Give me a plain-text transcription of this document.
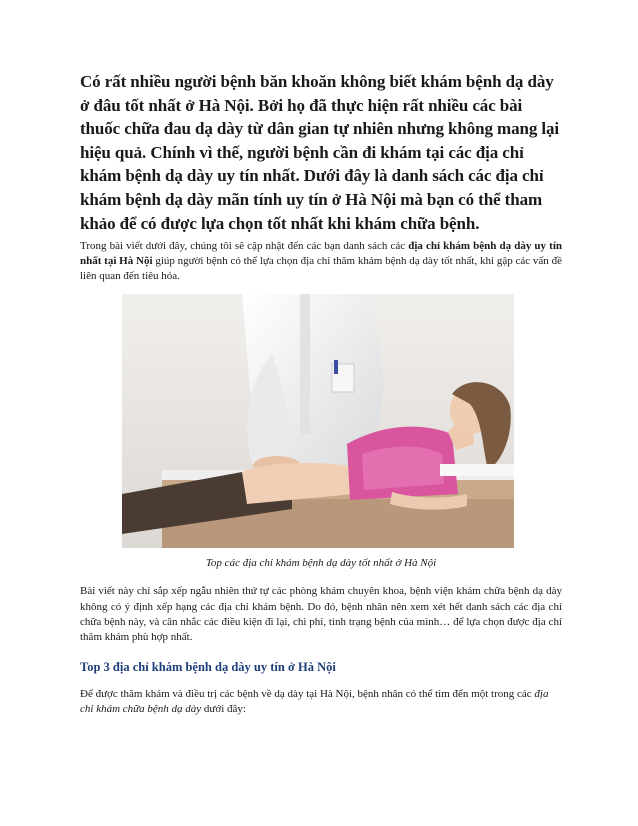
Có rất nhiều người bệnh băn khoăn không biết khám bệnh dạ dày ở đâu tốt nhất ở Hà Nội. Bởi họ đã thực hiện rất nhiều các bài thuốc chữa đau dạ dày từ dân gian tự nhiên nhưng không mang lại hiệu quả. Chính vì thế, người bệnh cần đi khám tại các địa chỉ khám bệnh dạ dày uy tín nhất. Dưới đây là danh sách các địa chỉ khám bệnh dạ dày mãn tính uy tín ở Hà Nội mà bạn có thể tham khảo để có được lựa chọn tốt nhất khi khám chữa bệnh.

Trong bài viết dưới đây, chúng tôi sẽ cập nhật đến các bạn danh sách các địa chỉ khám bệnh dạ dày uy tín nhất tại Hà Nội giúp người bệnh có thể lựa chọn địa chỉ thăm khám bệnh dạ dày tốt nhất, khi gặp các vấn đề liên quan đến tiêu hóa.

Top các địa chỉ khám bệnh dạ dày tốt nhất ở Hà Nội

Bài viết này chỉ sắp xếp ngẫu nhiên thứ tự các phòng khám chuyên khoa, bệnh viện khám chữa bệnh dạ dày không có ý định xếp hạng các địa chỉ khám bệnh. Do đó, bệnh nhân nên xem xét hết danh sách các địa chỉ chữa bệnh này, và cân nhắc các điều kiện đi lại, chi phí, tình trạng bệnh của mình… để lựa chọn được địa chỉ thăm khám phù hợp nhất.

Top 3 địa chỉ khám bệnh dạ dày uy tín ở Hà Nội

Để được thăm khám và điều trị các bệnh về dạ dày tại Hà Nội, bệnh nhân có thể tìm đến một trong các địa chỉ khám chữa bệnh dạ dày dưới đây:
